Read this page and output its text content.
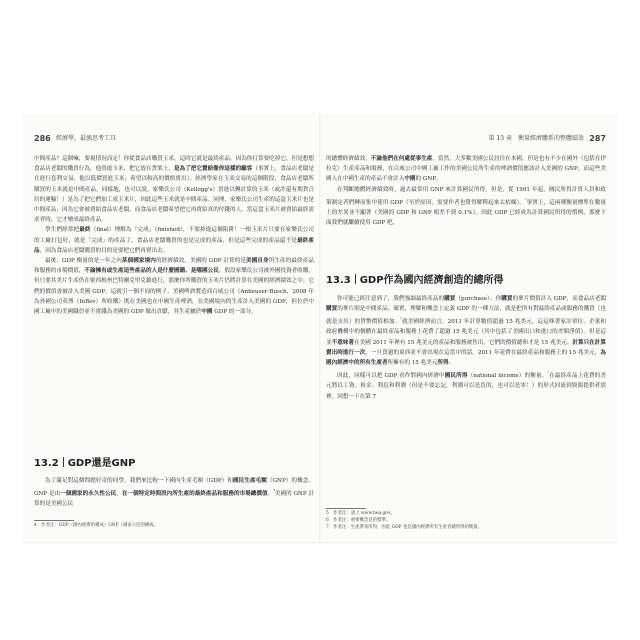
286 經濟學，最強思考工具

中間產品？這個嘛，要視情況而定！你從食品店購買玉米，這時它就是最終產品，因為你打算要吃掉它。但是想想食品店老闆的購買行為，他買進玉米，把它放在貨架上，是為了把它賣給像你這樣的顧客（事實上，食品店老闆是在進行套利交易，他以低價買進玉米，希望以較高的價格賣出）。經濟學家在玉米交易的這個階段，食品店老闆所購買的玉米就是中間產品。同樣地，也可以說，家樂氏公司（Kellogg's）買進以轉計算的玉米（或許還有期貨合約的運輸！）是為了把它們加工成玉米片，因此這些玉米就是中間產品。同理，家樂氏公司生產的這盒玉米片也是中間產品，因為它會被賣給食品店老闆，而食品店老闆希望把它再賣給真的付錢的人。當這盒玉米片被賣給最終需求者時，它才變成最終產品。

學生們經常把最終（final）理解為「完成」（finished），不要掉進這個陷阱！一根玉米片只要在家樂氏公司的工廠打包好，就是「完成」的產品了，食品店老闆購買的也是完成的產品，但是這些完成的產品還不是最終產品，因為食品店老闆購買的目的是要把它們再賣出去。

最後，GDP 衡量的是一年之內某個國家境內的經濟績效，美國的 GDP 計算的是美國自身所生產的最終產品和服務的市場價值，不論擁有或生產這些產品的人是什麼國籍、是哪國公民。假設家樂氏公司被外國投資者收購，但只要其美片生產仍在密西根州巴特爾克里克鎮進行，那麼你所購買的玉米片仍將計算在美國的經濟績效之中。它們的價值會被計入美國 GDP。這就引一個不同的例子，美國啤酒製造商百威公司（Anheuser-Busch，2008 年為外國公司英博（InBev）所收購）既在美國也在中國生產啤酒，在美國境內的生產計入美國的 GDP，但位於中國工廠中的美國職員並不賣錢為美國的 GDP 做出貢獻，其生產屬於中國 GDP 的一部分。

13.2 GDP還是GNP

為了滿足對這個問題好奇的同學，我們來比較一下國內生產毛額（GDP）和國民生產毛額（GNP）的概念。GNP 是由一個國家的永久性公民，在一個特定時間段內所生產的最終產品和服務的市場總價值。$^{^4}$美國的 GNP 計算的是美國公民

4　作者注：GDP（國內經濟的構成）GNP（國家公民的構成。
第 13 章　衡量經濟體系的整體績效 287

的總體經濟績效，不論他們在何處從事生產。當然，大多數美國公民居住在本國，但是也有不少在國外（包括在伊拉克）生產產品和服務，在百威公司中國工廠工作的美國公民所生產的啤酒價值應該計入美國的 GNP，而這些美國人在中國生產的產品不會計入中國的 GNP。

在判斷總體經濟績效時，過去最常用 GNP 來計算國民所得，但是，從 1991 年起，國民所得計算人員和政策制定者們轉而集中使用 GDP（至於原因，需要作者也覺得解釋起來太枯燥）。$^{^5}$事實上，這兩種衡量標準在數量上的差異並不顯著（美國的 GDP 和 GNP 相差不到 0.1%）。因此 GDP 已經成為計算國民所得的慣例，那麼下面我們就繼續使用 GDP 吧。

13.3 GDP作為國內經濟創造的總所得

你可能已經注意到了，我們強調最終產品的購買（purchase）。你購買的麥片價值計入 GDP，而食品店老闆購買的麥片則是中間產品。確實，理解和概念上定義 GDP 的一種方法，就是把所有對最終產品或服務的購買（也就是支出）的貨幣價值相加。$^{^6}$就美國經濟而言，2011 年計算數值超過 15 兆美元。這這咪著家計單位、企業和政府機構中的個體在最終產品和服務上花費了超過 15 兆美元（其中包括了美國出口和進口的差額淨值）。但是這並不意味著在美國 2011 年裡有 15 兆美元的產品和服務被售出，它們的價值總和才是 15 兆美元。計算只在計算賣出時進行一次。一旦買過的東西並不會出現在這當中的話。2011 年花費在最終產品和服務上的 15 兆美元，為國內經濟中的所有生產者所擁有的 15 兆美元所得。

因此，同樣可以把 GDP 看作對國內經濟中國民所得（national income）的衡量。$^{^7}$在最終產品上花費的美元將以工資、租金、利息和利潤（但是不要忘記，利潤可以是負的，也可以是零！）的形式回流到資源提供者那裡。回想一下在第 7

5　作者注：請上 www.bea.gov。
6　作者注：重要概念見的標準。
7　作者注：生產帶來所得，因此 GDP 也是國內經濟所有生產者總所得的衡量。
